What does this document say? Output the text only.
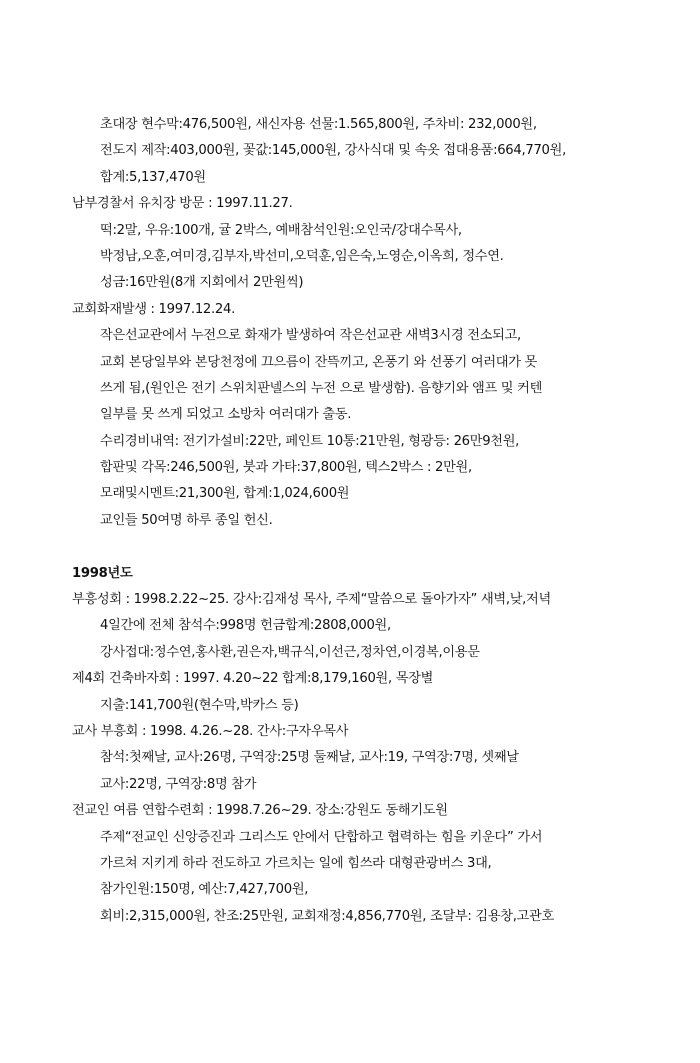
초대장 현수막:476,500원, 새신자용 선물:1.565,800원, 주차비: 232,000원,
전도지 제작:403,000원, 꽃값:145,000원, 강사식대 및 속옷 접대용품:664,770원,
합계:5,137,470원
남부경찰서 유치장 방문 : 1997.11.27.
떡:2말, 우유:100개, 귤 2박스, 예배참석인원:오인국/강대수목사,
박정남,오훈,여미경,김부자,박선미,오덕훈,임은숙,노영순,이옥희, 정수연.
성금:16만원(8개 지회에서 2만원씩)
교회화재발생 : 1997.12.24.
작은선교관에서 누전으로 화재가 발생하여 작은선교관 새벽3시경 전소되고,
교회 본당일부와 본당천정에 끄으름이 잔뜩끼고, 온풍기 와 선풍기 여러대가 못
쓰게 됨,(원인은 전기 스위치판넬스의 누전 으로 발생함). 음향기와 앰프 및 커텐
일부를 못 쓰게 되었고 소방차 여러대가 출동.
수리경비내역: 전기가설비:22만, 페인트 10통:21만원, 형광등: 26만9천원,
합판및 각목:246,500원, 붓과 가타:37,800원, 텍스2박스 : 2만원,
모래및시멘트:21,300원, 합계:1,024,600원
교인들 50여명 하루 종일 헌신.
1998년도
부흥성회 : 1998.2.22~25. 강사:김재성 목사, 주제“말씀으로 돌아가자” 새벽,낮,저녁
4일간에 전체 참석수:998명 헌금합계:2808,000원,
강사접대:정수연,홍사환,권은자,백규식,이선근,정차연,이경복,이용문
제4회 건축바자회 : 1997. 4.20~22 합계:8,179,160원, 목장별
지출:141,700원(현수막,박카스 등)
교사 부흥회 : 1998. 4.26.~28. 간사:구자우목사
참석:첫째날, 교사:26명, 구역장:25명 둘째날, 교사:19, 구역장:7명, 셋째날
교사:22명, 구역장:8명 참가
전교인 여름 연합수련회 : 1998.7.26~29. 장소:강원도 동해기도원
주제“전교인 신앙증진과 그리스도 안에서 단합하고 협력하는 힘을 키운다” 가서
가르쳐 지키게 하라 전도하고 가르치는 일에 힘쓰라 대형관광버스 3대,
참가인원:150명, 예산:7,427,700원,
회비:2,315,000원, 찬조:25만원, 교회재정:4,856,770원, 조달부: 김용창,고관호
